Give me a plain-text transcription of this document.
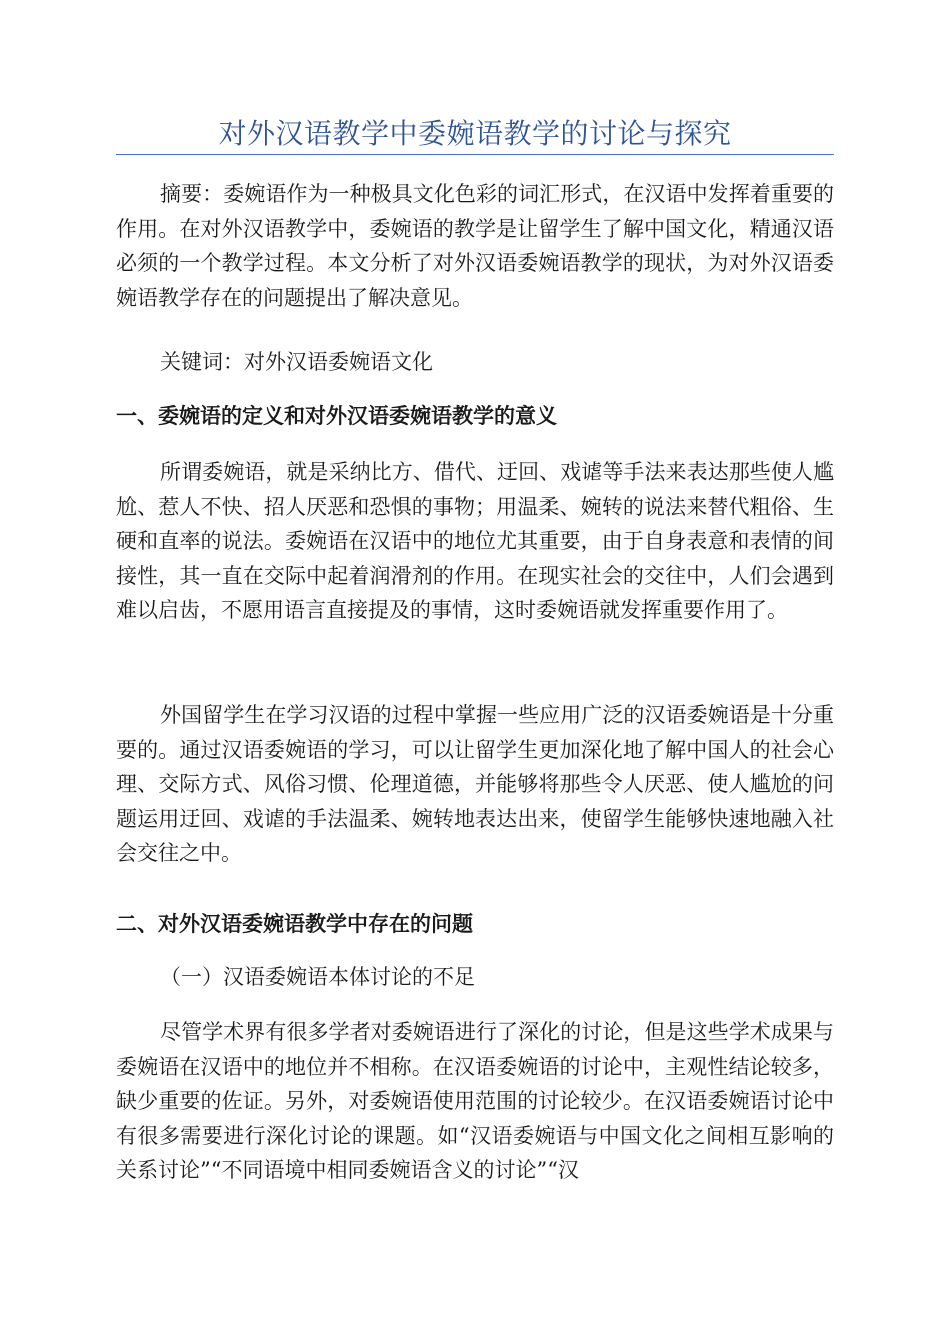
对外汉语教学中委婉语教学的讨论与探究

摘要：委婉语作为一种极具文化色彩的词汇形式，在汉语中发挥着重要的作用。在对外汉语教学中，委婉语的教学是让留学生了解中国文化，精通汉语必须的一个教学过程。本文分析了对外汉语委婉语教学的现状，为对外汉语委婉语教学存在的问题提出了解决意见。

关键词：对外汉语委婉语文化

一、委婉语的定义和对外汉语委婉语教学的意义

所谓委婉语，就是采纳比方、借代、迂回、戏谑等手法来表达那些使人尴尬、惹人不快、招人厌恶和恐惧的事物；用温柔、婉转的说法来替代粗俗、生硬和直率的说法。委婉语在汉语中的地位尤其重要，由于自身表意和表情的间接性，其一直在交际中起着润滑剂的作用。在现实社会的交往中，人们会遇到难以启齿，不愿用语言直接提及的事情，这时委婉语就发挥重要作用了。

外国留学生在学习汉语的过程中掌握一些应用广泛的汉语委婉语是十分重要的。通过汉语委婉语的学习，可以让留学生更加深化地了解中国人的社会心理、交际方式、风俗习惯、伦理道德，并能够将那些令人厌恶、使人尴尬的问题运用迂回、戏谑的手法温柔、婉转地表达出来，使留学生能够快速地融入社会交往之中。

二、对外汉语委婉语教学中存在的问题

（一）汉语委婉语本体讨论的不足

尽管学术界有很多学者对委婉语进行了深化的讨论，但是这些学术成果与委婉语在汉语中的地位并不相称。在汉语委婉语的讨论中，主观性结论较多，缺少重要的佐证。另外，对委婉语使用范围的讨论较少。在汉语委婉语讨论中有很多需要进行深化讨论的课题。如“汉语委婉语与中国文化之间相互影响的关系讨论”“不同语境中相同委婉语含义的讨论”“汉
